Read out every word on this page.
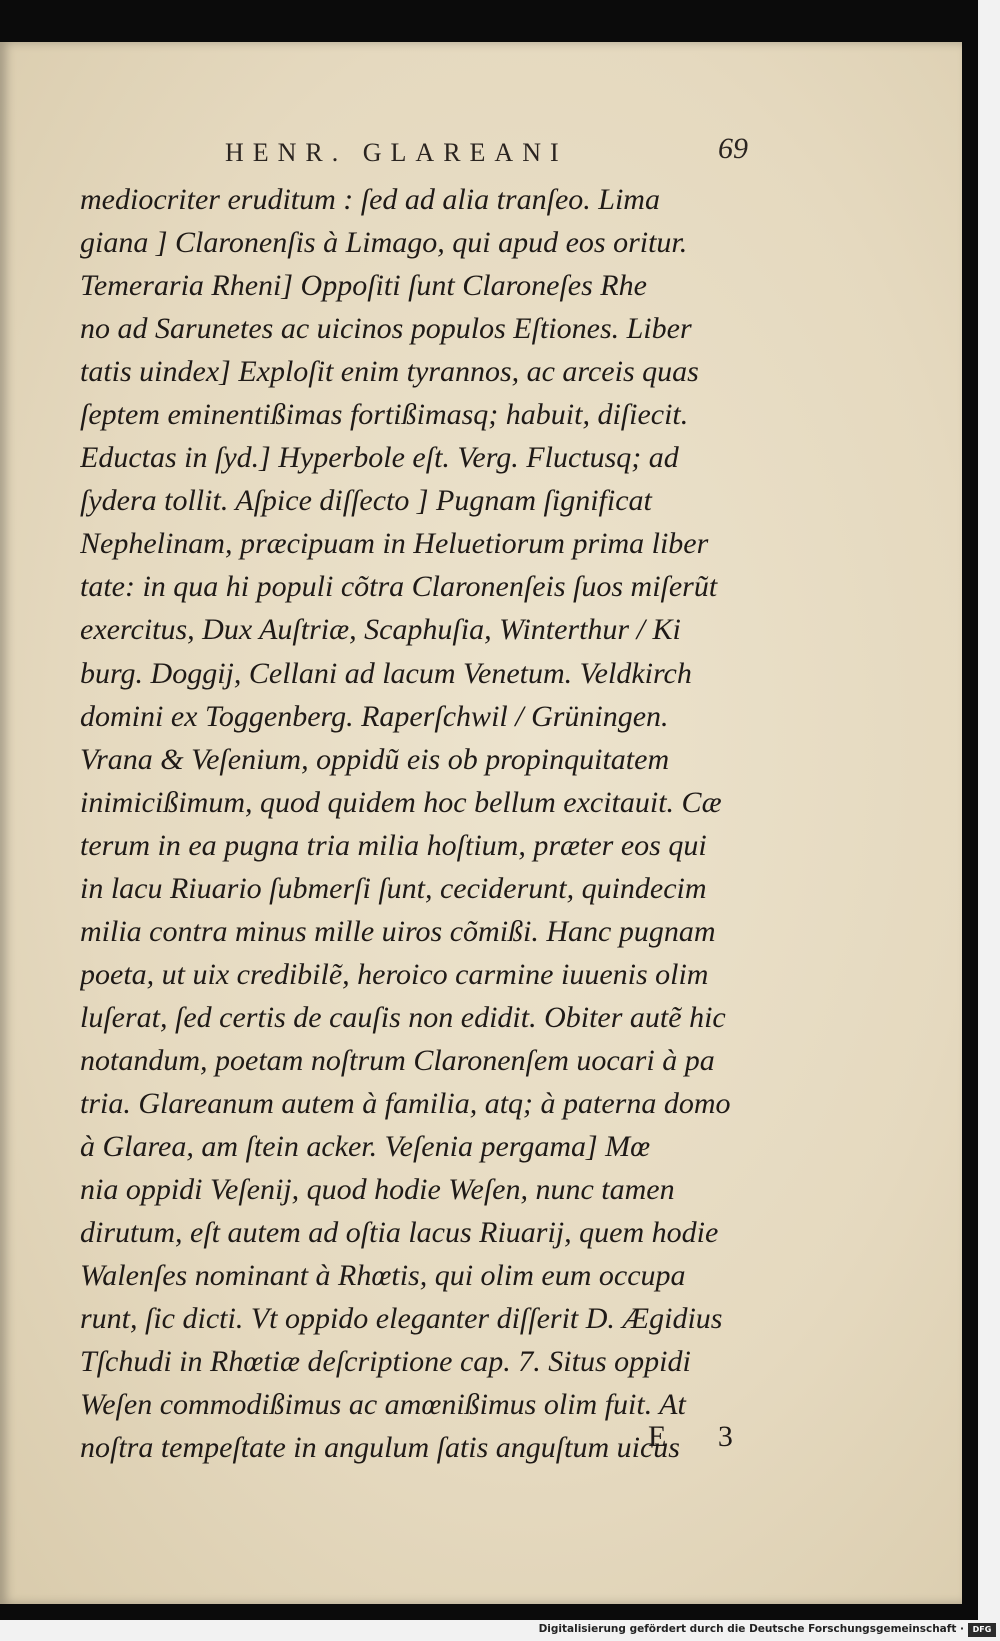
HENR. GLAREANI	69
mediocriter eruditum : ſed ad alia tranſeo. Lima
giana ] Claronenſis à Limago, qui apud eos oritur.
Temeraria Rheni] Oppoſiti ſunt Claroneſes Rhe
no ad Sarunetes ac uicinos populos Eſtiones. Liber
tatis uindex] Exploſit enim tyrannos, ac arceis quas
ſeptem eminentißimas fortißimasq; habuit, diſiecit.
Eductas in ſyd.] Hyperbole eſt. Verg. Fluctusq; ad
ſydera tollit. Aſpice diſſecto ] Pugnam ſignificat
Nephelinam, præcipuam in Heluetiorum prima liber
tate: in qua hi populi cõtra Claronenſeis ſuos miſerũt
exercitus, Dux Auſtriæ, Scaphuſia, Winterthur / Ki
burg. Doggij, Cellani ad lacum Venetum. Veldkirch
domini ex Toggenberg. Raperſchwil / Grüningen.
Vrana & Veſenium, oppidũ eis ob propinquitatem
inimicißimum, quod quidem hoc bellum excitauit. Cæ
terum in ea pugna tria milia hoſtium, præter eos qui
in lacu Riuario ſubmerſi ſunt, ceciderunt, quindecim
milia contra minus mille uiros cõmißi. Hanc pugnam
poeta, ut uix credibilẽ, heroico carmine iuuenis olim
luſerat, ſed certis de cauſis non edidit. Obiter autẽ hic
notandum, poetam noſtrum Claronenſem uocari à pa
tria. Glareanum autem à familia, atq; à paterna domo
à Glarea, am ſtein acker. Veſenia pergama] Mœ
nia oppidi Veſenij, quod hodie Weſen, nunc tamen
dirutum, eſt autem ad oſtia lacus Riuarij, quem hodie
Walenſes nominant à Rhœtis, qui olim eum occupa
runt, ſic dicti. Vt oppido eleganter diſſerit D. Ægidius
Tſchudi in Rhœtiæ deſcriptione cap. 7. Situs oppidi
Weſen commodißimus ac amœnißimus olim fuit. At
noſtra tempeſtate in angulum ſatis anguſtum uicus
E 3
Digitalisierung gefördert durch die Deutsche Forschungsgemeinschaft ·	DFG
